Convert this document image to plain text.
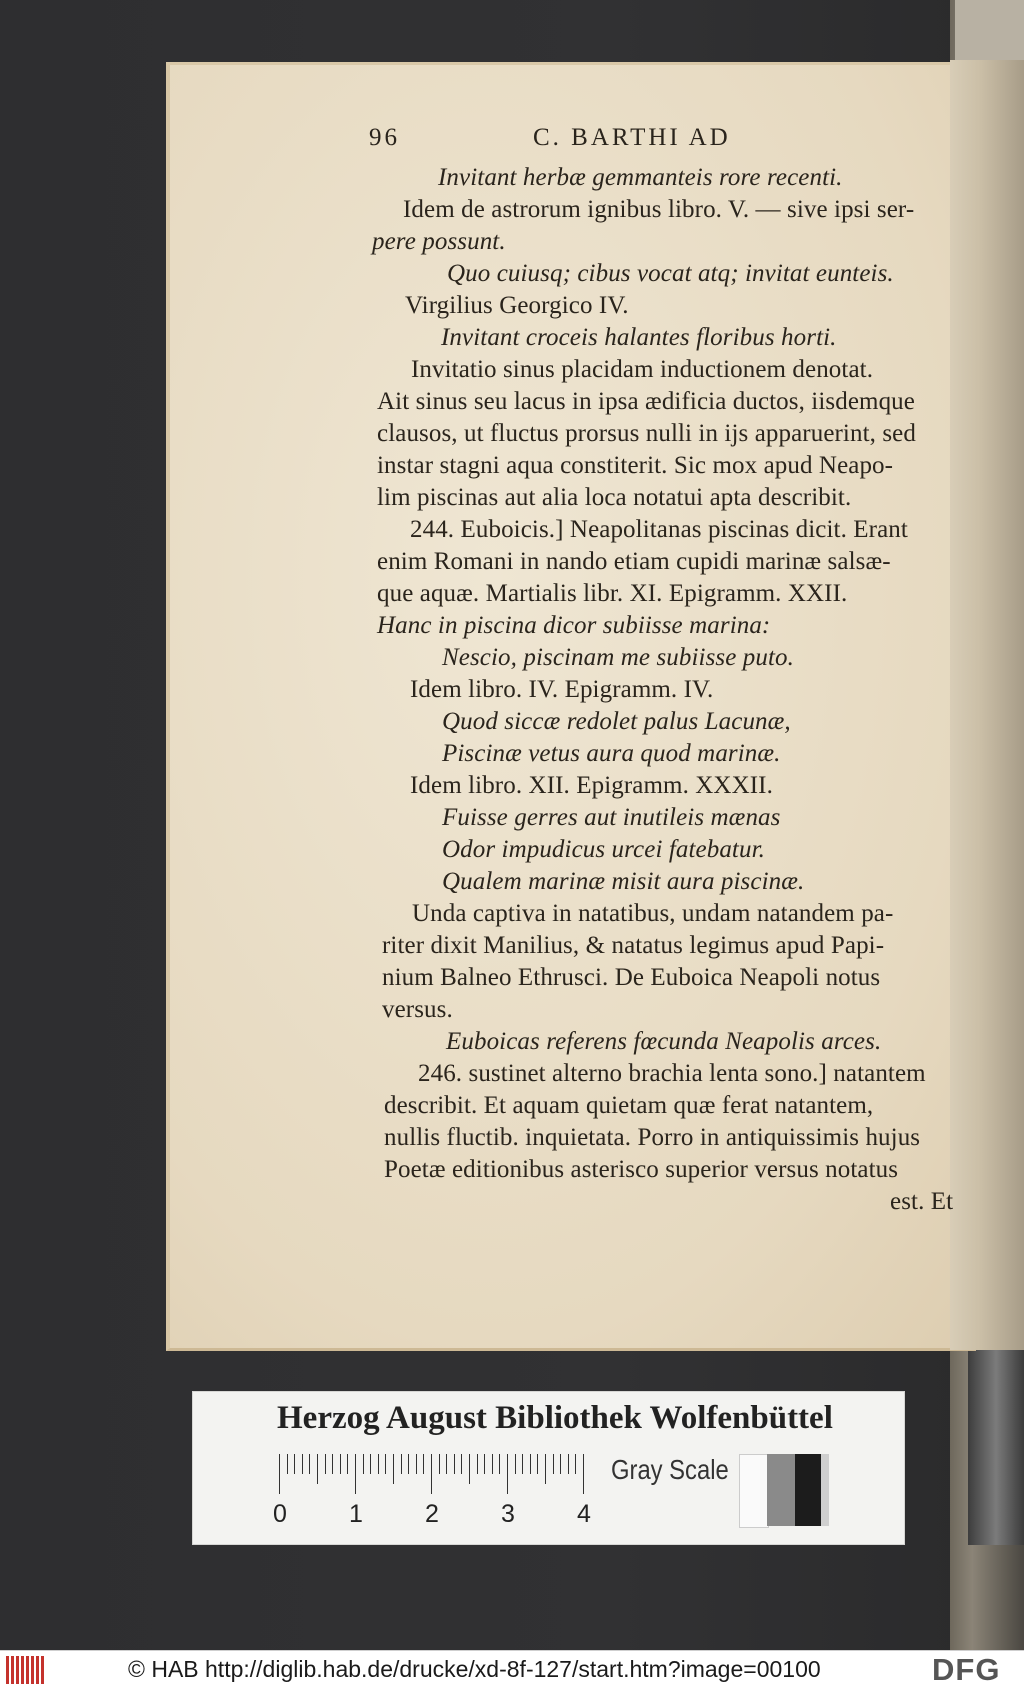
96	C. BARTHI AD
Invitant herbæ gemmanteis rore recenti.
Idem de astrorum ignibus libro. V. — sive ipsi ser-
pere possunt.
Quo cuiusq; cibus vocat atq; invitat eunteis.
Virgilius Georgico IV.
Invitant croceis halantes floribus horti.
Invitatio sinus placidam inductionem denotat.
Ait sinus seu lacus in ipsa ædificia ductos, iisdemque
clausos, ut fluctus prorsus nulli in ijs apparuerint, sed
instar stagni aqua constiterit. Sic mox apud Neapo-
lim piscinas aut alia loca notatui apta describit.
244. Euboicis.] Neapolitanas piscinas dicit. Erant
enim Romani in nando etiam cupidi marinæ salsæ-
que aquæ. Martialis libr. XI. Epigramm. XXII.
Hanc in piscina dicor subiisse marina:
Nescio, piscinam me subiisse puto.
Idem libro. IV. Epigramm. IV.
Quod siccæ redolet palus Lacunæ,
Piscinæ vetus aura quod marinæ.
Idem libro. XII. Epigramm. XXXII.
Fuisse gerres aut inutileis mænas
Odor impudicus urcei fatebatur.
Qualem marinæ misit aura piscinæ.
Unda captiva in natatibus, undam natandem pa-
riter dixit Manilius, & natatus legimus apud Papi-
nium Balneo Ethrusci. De Euboica Neapoli notus
versus.
Euboicas referens fœcunda Neapolis arces.
246. sustinet alterno brachia lenta sono.] natantem
describit. Et aquam quietam quæ ferat natantem,
nullis fluctib. inquietata. Porro in antiquissimis hujus
Poetæ editionibus asterisco superior versus notatus
est. Et
Herzog August Bibliothek Wolfenbüttel
0 1 2 3 4
Gray Scale
© HAB http://diglib.hab.de/drucke/xd-8f-127/start.htm?image=00100	DFG
